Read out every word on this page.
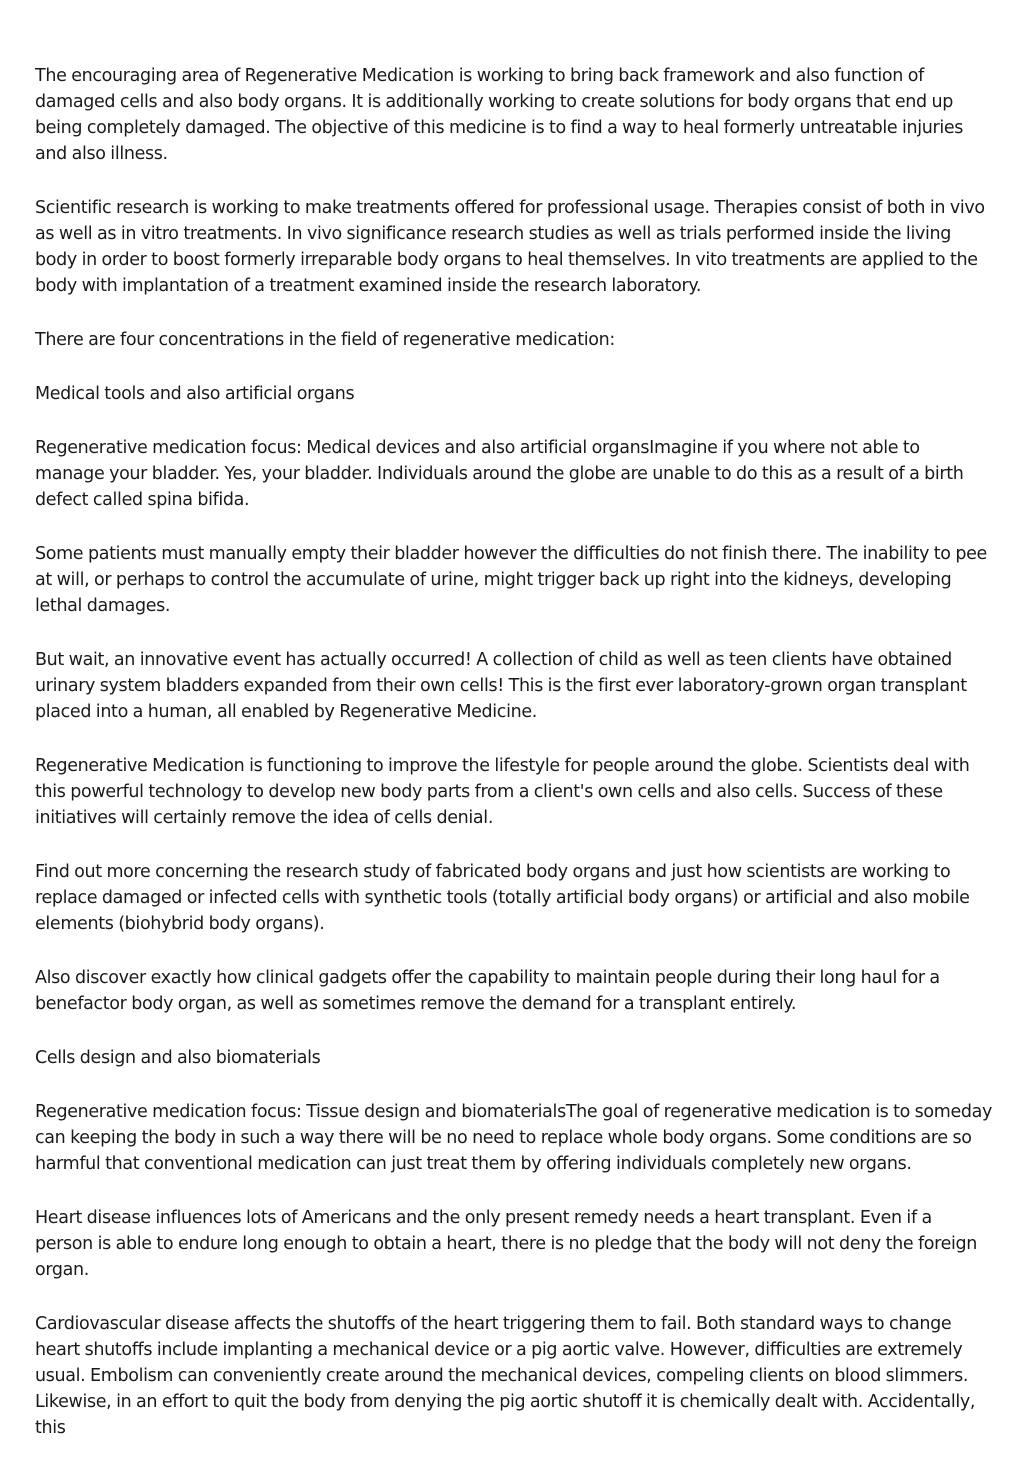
The encouraging area of Regenerative Medication is working to bring back framework and also function of damaged cells and also body organs. It is additionally working to create solutions for body organs that end up being completely damaged. The objective of this medicine is to find a way to heal formerly untreatable injuries and also illness.

Scientific research is working to make treatments offered for professional usage. Therapies consist of both in vivo as well as in vitro treatments. In vivo significance research studies as well as trials performed inside the living body in order to boost formerly irreparable body organs to heal themselves. In vito treatments are applied to the body with implantation of a treatment examined inside the research laboratory.

There are four concentrations in the field of regenerative medication:

Medical tools and also artificial organs

Regenerative medication focus: Medical devices and also artificial organsImagine if you where not able to manage your bladder. Yes, your bladder. Individuals around the globe are unable to do this as a result of a birth defect called spina bifida.

Some patients must manually empty their bladder however the difficulties do not finish there. The inability to pee at will, or perhaps to control the accumulate of urine, might trigger back up right into the kidneys, developing lethal damages.

But wait, an innovative event has actually occurred! A collection of child as well as teen clients have obtained urinary system bladders expanded from their own cells! This is the first ever laboratory-grown organ transplant placed into a human, all enabled by Regenerative Medicine.

Regenerative Medication is functioning to improve the lifestyle for people around the globe. Scientists deal with this powerful technology to develop new body parts from a client's own cells and also cells. Success of these initiatives will certainly remove the idea of cells denial.

Find out more concerning the research study of fabricated body organs and just how scientists are working to replace damaged or infected cells with synthetic tools (totally artificial body organs) or artificial and also mobile elements (biohybrid body organs).

Also discover exactly how clinical gadgets offer the capability to maintain people during their long haul for a benefactor body organ, as well as sometimes remove the demand for a transplant entirely.

Cells design and also biomaterials

Regenerative medication focus: Tissue design and biomaterialsThe goal of regenerative medication is to someday can keeping the body in such a way there will be no need to replace whole body organs. Some conditions are so harmful that conventional medication can just treat them by offering individuals completely new organs.

Heart disease influences lots of Americans and the only present remedy needs a heart transplant. Even if a person is able to endure long enough to obtain a heart, there is no pledge that the body will not deny the foreign organ.

Cardiovascular disease affects the shutoffs of the heart triggering them to fail. Both standard ways to change heart shutoffs include implanting a mechanical device or a pig aortic valve. However, difficulties are extremely usual. Embolism can conveniently create around the mechanical devices, compeling clients on blood slimmers. Likewise, in an effort to quit the body from denying the pig aortic shutoff it is chemically dealt with. Accidentally, this
